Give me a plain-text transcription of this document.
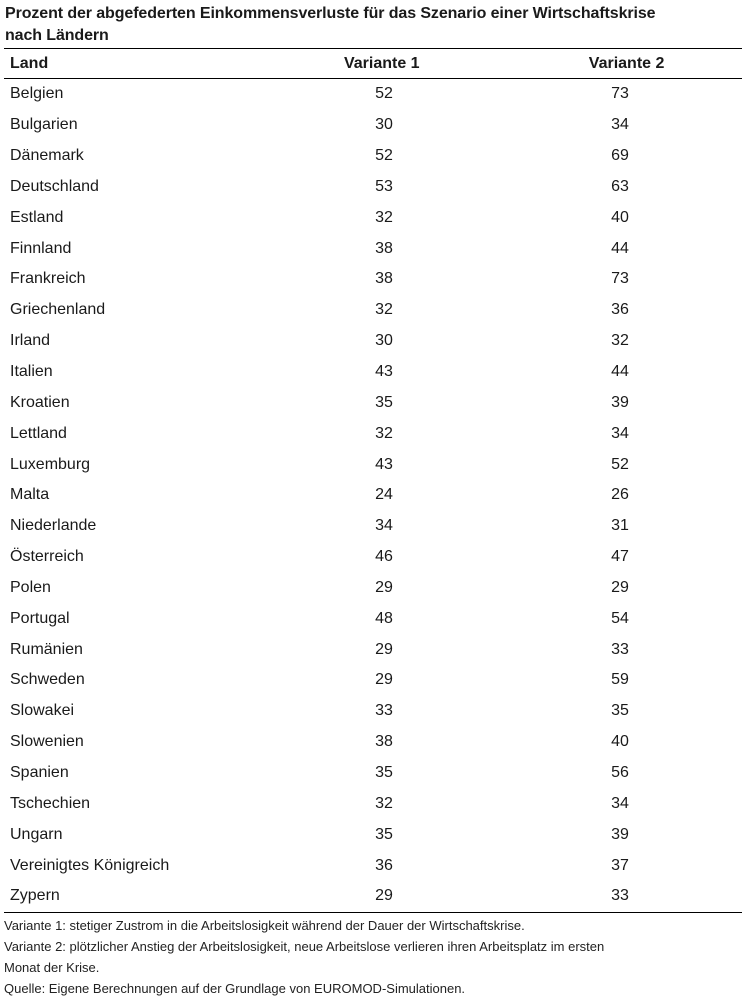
Prozent der abgefederten Einkommensverluste für das Szenario einer Wirtschaftskrise
nach Ländern
Land	Variante 1	Variante 2
Belgien	52	73
Bulgarien	30	34
Dänemark	52	69
Deutschland	53	63
Estland	32	40
Finnland	38	44
Frankreich	38	73
Griechenland	32	36
Irland	30	32
Italien	43	44
Kroatien	35	39
Lettland	32	34
Luxemburg	43	52
Malta	24	26
Niederlande	34	31
Österreich	46	47
Polen	29	29
Portugal	48	54
Rumänien	29	33
Schweden	29	59
Slowakei	33	35
Slowenien	38	40
Spanien	35	56
Tschechien	32	34
Ungarn	35	39
Vereinigtes Königreich	36	37
Zypern	29	33
Variante 1: stetiger Zustrom in die Arbeitslosigkeit während der Dauer der Wirtschaftskrise.
Variante 2: plötzlicher Anstieg der Arbeitslosigkeit, neue Arbeitslose verlieren ihren Arbeitsplatz im ersten
Monat der Krise.
Quelle: Eigene Berechnungen auf der Grundlage von EUROMOD-Simulationen.
